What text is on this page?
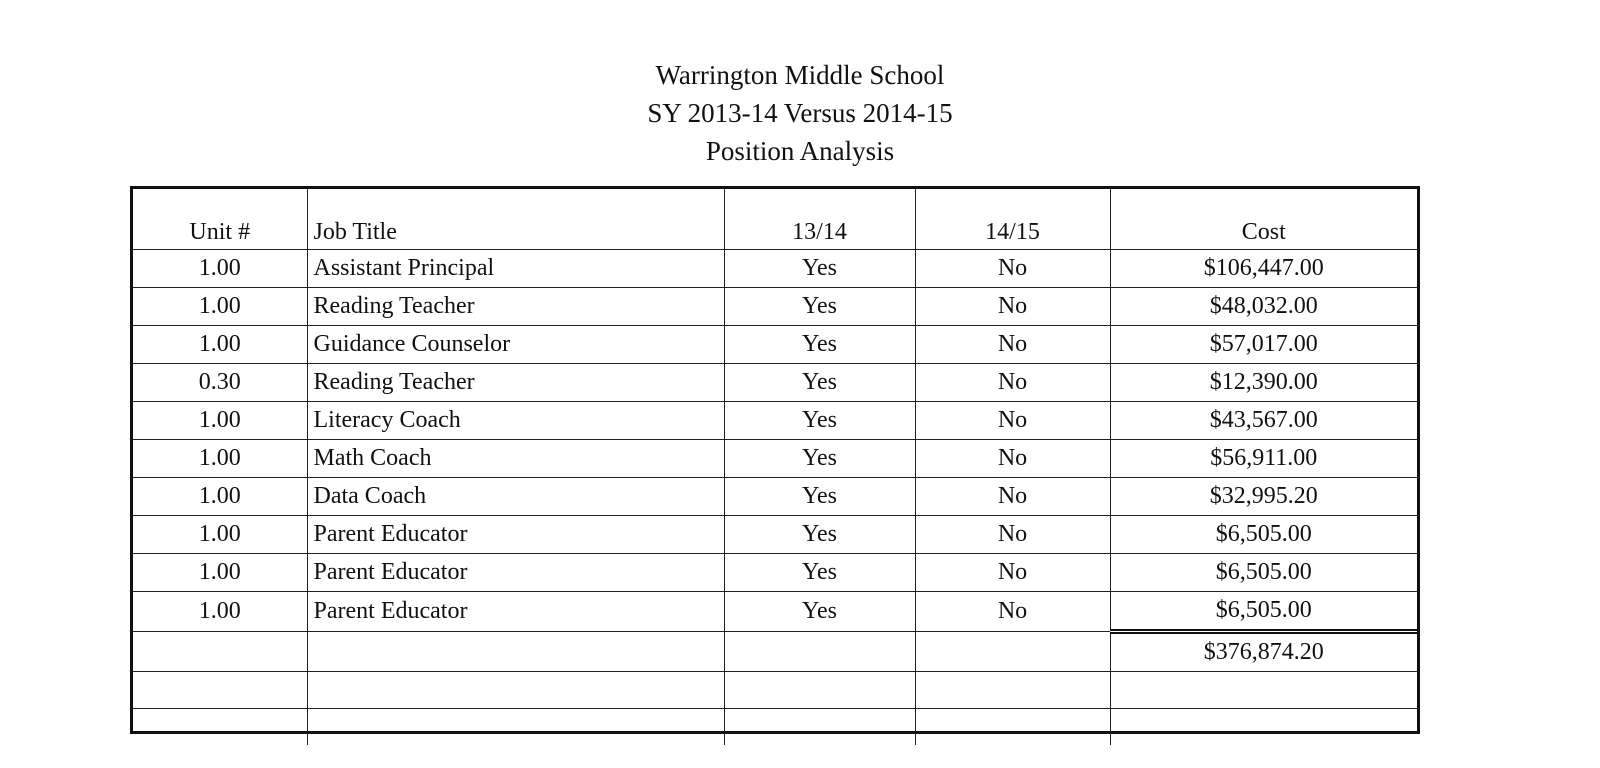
Warrington Middle School
SY 2013-14 Versus 2014-15
Position Analysis
Unit #	Job Title	13/14	14/15	Cost
1.00	Assistant Principal	Yes	No	$106,447.00
1.00	Reading Teacher	Yes	No	$48,032.00
1.00	Guidance Counselor	Yes	No	$57,017.00
0.30	Reading Teacher	Yes	No	$12,390.00
1.00	Literacy Coach	Yes	No	$43,567.00
1.00	Math Coach	Yes	No	$56,911.00
1.00	Data Coach	Yes	No	$32,995.20
1.00	Parent Educator	Yes	No	$6,505.00
1.00	Parent Educator	Yes	No	$6,505.00
1.00	Parent Educator	Yes	No	$6,505.00
				$376,874.20
